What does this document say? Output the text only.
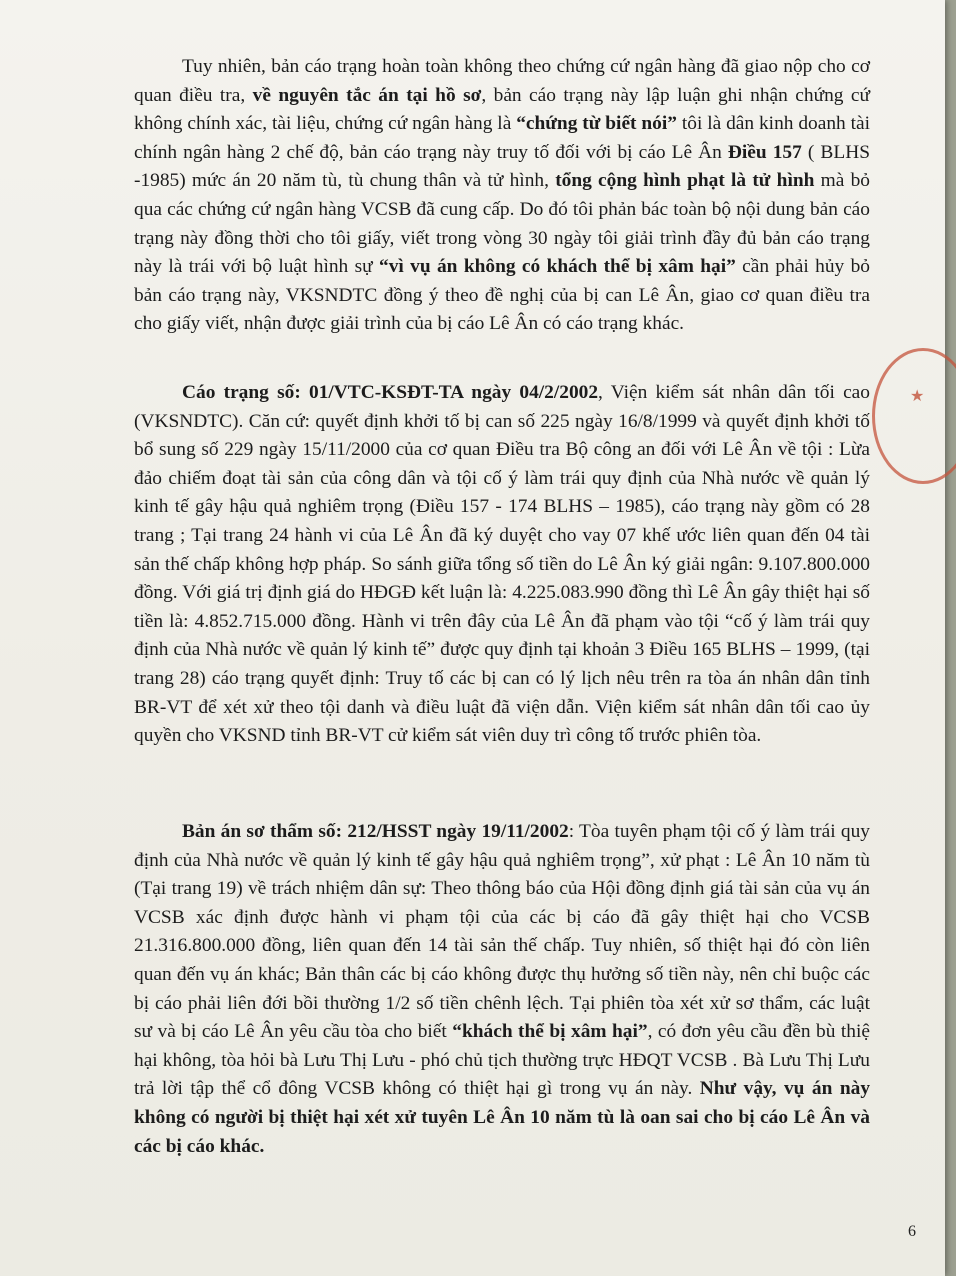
Tuy nhiên, bản cáo trạng hoàn toàn không theo chứng cứ ngân hàng đã giao nộp cho cơ quan điều tra, về nguyên tắc án tại hồ sơ, bản cáo trạng này lập luận ghi nhận chứng cứ không chính xác, tài liệu, chứng cứ ngân hàng là “chứng từ biết nói” tôi là dân kinh doanh tài chính ngân hàng 2 chế độ, bản cáo trạng này truy tố đối với bị cáo Lê Ân Điều 157 ( BLHS -1985) mức án 20 năm tù, tù chung thân và tử hình, tổng cộng hình phạt là tử hình mà bỏ qua các chứng cứ ngân hàng VCSB đã cung cấp. Do đó tôi phản bác toàn bộ nội dung bản cáo trạng này đồng thời cho tôi giấy, viết trong vòng 30 ngày tôi giải trình đầy đủ bản cáo trạng này là trái với bộ luật hình sự “vì vụ án không có khách thể bị xâm hại” cần phải hủy bỏ bản cáo trạng này, VKSNDTC đồng ý theo đề nghị của bị can Lê Ân, giao cơ quan điều tra cho giấy viết, nhận được giải trình của bị cáo Lê Ân có cáo trạng khác.

Cáo trạng số: 01/VTC-KSĐT-TA ngày 04/2/2002, Viện kiểm sát nhân dân tối cao (VKSNDTC). Căn cứ: quyết định khởi tố bị can số 225 ngày 16/8/1999 và quyết định khởi tố bổ sung số 229 ngày 15/11/2000 của cơ quan Điều tra Bộ công an đối với Lê Ân về tội : Lừa đảo chiếm đoạt tài sản của công dân và tội cố ý làm trái quy định của Nhà nước về quản lý kinh tế gây hậu quả nghiêm trọng (Điều 157 - 174 BLHS – 1985), cáo trạng này gồm có 28 trang ; Tại trang 24 hành vi của Lê Ân đã ký duyệt cho vay 07 khế ước liên quan đến 04 tài sản thế chấp không hợp pháp. So sánh giữa tổng số tiền do Lê Ân ký giải ngân: 9.107.800.000 đồng. Với giá trị định giá do HĐGĐ kết luận là: 4.225.083.990 đồng thì Lê Ân gây thiệt hại số tiền là: 4.852.715.000 đồng. Hành vi trên đây của Lê Ân đã phạm vào tội “cố ý làm trái quy định của Nhà nước về quản lý kinh tế” được quy định tại khoản 3 Điều 165 BLHS – 1999, (tại trang 28) cáo trạng quyết định: Truy tố các bị can có lý lịch nêu trên ra tòa án nhân dân tỉnh BR-VT để xét xử theo tội danh và điều luật đã viện dẫn. Viện kiểm sát nhân dân tối cao ủy quyền cho VKSND tỉnh BR-VT cử kiểm sát viên duy trì công tố trước phiên tòa.

Bản án sơ thẩm số: 212/HSST ngày 19/11/2002: Tòa tuyên phạm tội cố ý làm trái quy định của Nhà nước về quản lý kinh tế gây hậu quả nghiêm trọng”, xử phạt : Lê Ân 10 năm tù (Tại trang 19) về trách nhiệm dân sự: Theo thông báo của Hội đồng định giá tài sản của vụ án VCSB xác định được hành vi phạm tội của các bị cáo đã gây thiệt hại cho VCSB 21.316.800.000 đồng, liên quan đến 14 tài sản thế chấp. Tuy nhiên, số thiệt hại đó còn liên quan đến vụ án khác; Bản thân các bị cáo không được thụ hưởng số tiền này, nên chỉ buộc các bị cáo phải liên đới bồi thường 1/2 số tiền chênh lệch. Tại phiên tòa xét xử sơ thẩm, các luật sư và bị cáo Lê Ân yêu cầu tòa cho biết “khách thể bị xâm hại”, có đơn yêu cầu đền bù thiệ hại không, tòa hỏi bà Lưu Thị Lưu - phó chủ tịch thường trực HĐQT VCSB . Bà Lưu Thị Lưu trả lời tập thể cổ đông VCSB không có thiệt hại gì trong vụ án này. Như vậy, vụ án này không có người bị thiệt hại xét xử tuyên Lê Ân 10 năm tù là oan sai cho bị cáo Lê Ân và các bị cáo khác.

6
★
